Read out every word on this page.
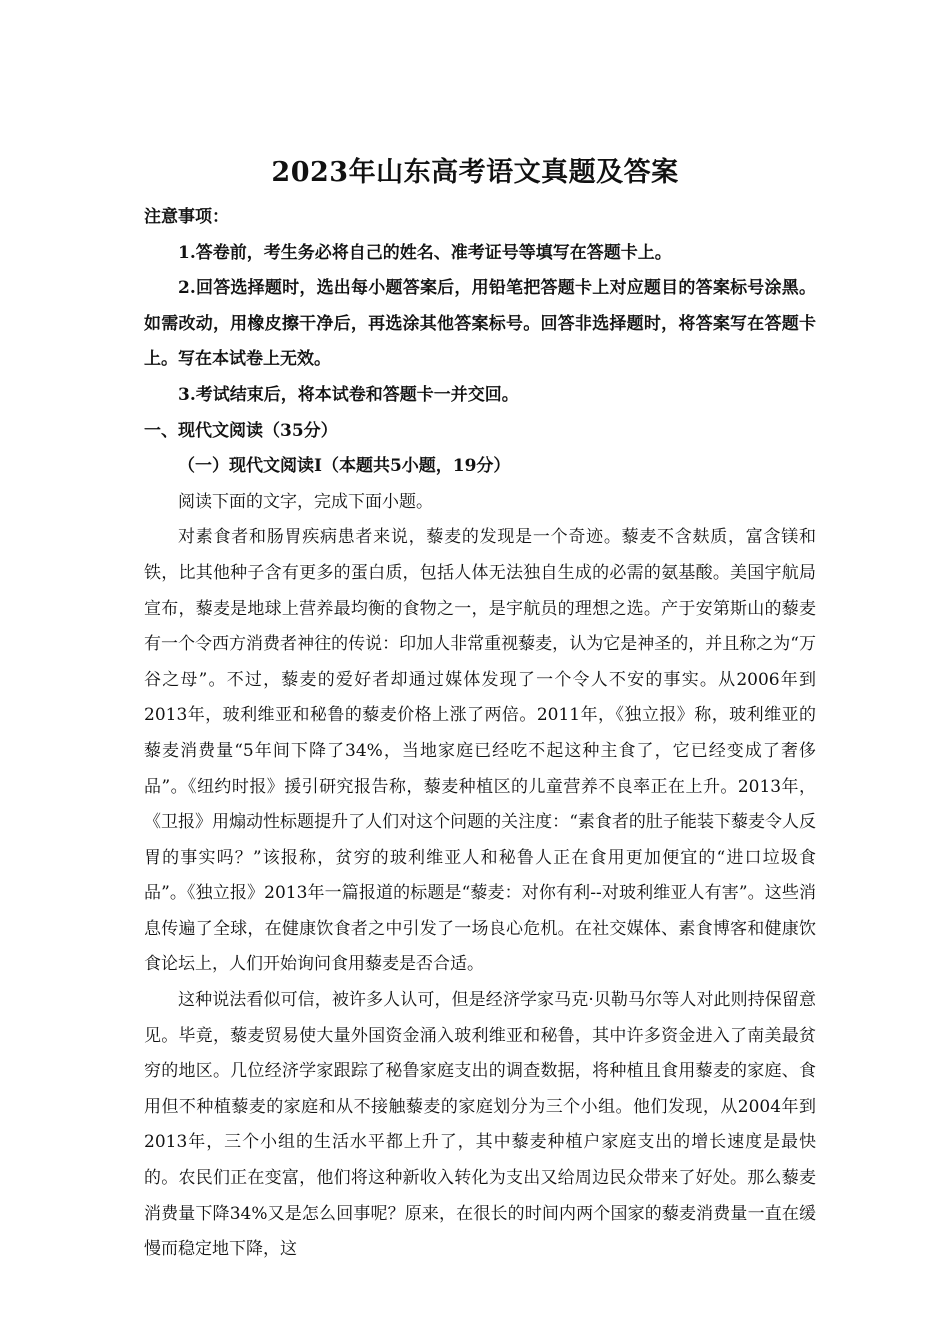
2023年山东高考语文真题及答案

注意事项：

1.答卷前，考生务必将自己的姓名、准考证号等填写在答题卡上。

2.回答选择题时，选出每小题答案后，用铅笔把答题卡上对应题目的答案标号涂黑。如需改动，用橡皮擦干净后，再选涂其他答案标号。回答非选择题时，将答案写在答题卡上。写在本试卷上无效。

3.考试结束后，将本试卷和答题卡一并交回。

一、现代文阅读（35分）

（一）现代文阅读Ⅰ（本题共5小题，19分）

阅读下面的文字，完成下面小题。

对素食者和肠胃疾病患者来说，藜麦的发现是一个奇迹。藜麦不含麸质，富含镁和铁，比其他种子含有更多的蛋白质，包括人体无法独自生成的必需的氨基酸。美国宇航局宣布，藜麦是地球上营养最均衡的食物之一，是宇航员的理想之选。产于安第斯山的藜麦有一个令西方消费者神往的传说：印加人非常重视藜麦，认为它是神圣的，并且称之为“万谷之母”。不过，藜麦的爱好者却通过媒体发现了一个令人不安的事实。从2006年到2013年，玻利维亚和秘鲁的藜麦价格上涨了两倍。2011年，《独立报》称，玻利维亚的藜麦消费量“5年间下降了34%，当地家庭已经吃不起这种主食了，它已经变成了奢侈品”。《纽约时报》援引研究报告称，藜麦种植区的儿童营养不良率正在上升。2013年，《卫报》用煽动性标题提升了人们对这个问题的关注度：“素食者的肚子能装下藜麦令人反胃的事实吗？”该报称，贫穷的玻利维亚人和秘鲁人正在食用更加便宜的“进口垃圾食品”。《独立报》2013年一篇报道的标题是“藜麦：对你有利--对玻利维亚人有害”。这些消息传遍了全球，在健康饮食者之中引发了一场良心危机。在社交媒体、素食博客和健康饮食论坛上，人们开始询问食用藜麦是否合适。

这种说法看似可信，被许多人认可，但是经济学家马克·贝勒马尔等人对此则持保留意见。毕竟，藜麦贸易使大量外国资金涌入玻利维亚和秘鲁，其中许多资金进入了南美最贫穷的地区。几位经济学家跟踪了秘鲁家庭支出的调查数据，将种植且食用藜麦的家庭、食用但不种植藜麦的家庭和从不接触藜麦的家庭划分为三个小组。他们发现，从2004年到2013年，三个小组的生活水平都上升了，其中藜麦种植户家庭支出的增长速度是最快的。农民们正在变富，他们将这种新收入转化为支出又给周边民众带来了好处。那么藜麦消费量下降34%又是怎么回事呢？原来，在很长的时间内两个国家的藜麦消费量一直在缓慢而稳定地下降，这
